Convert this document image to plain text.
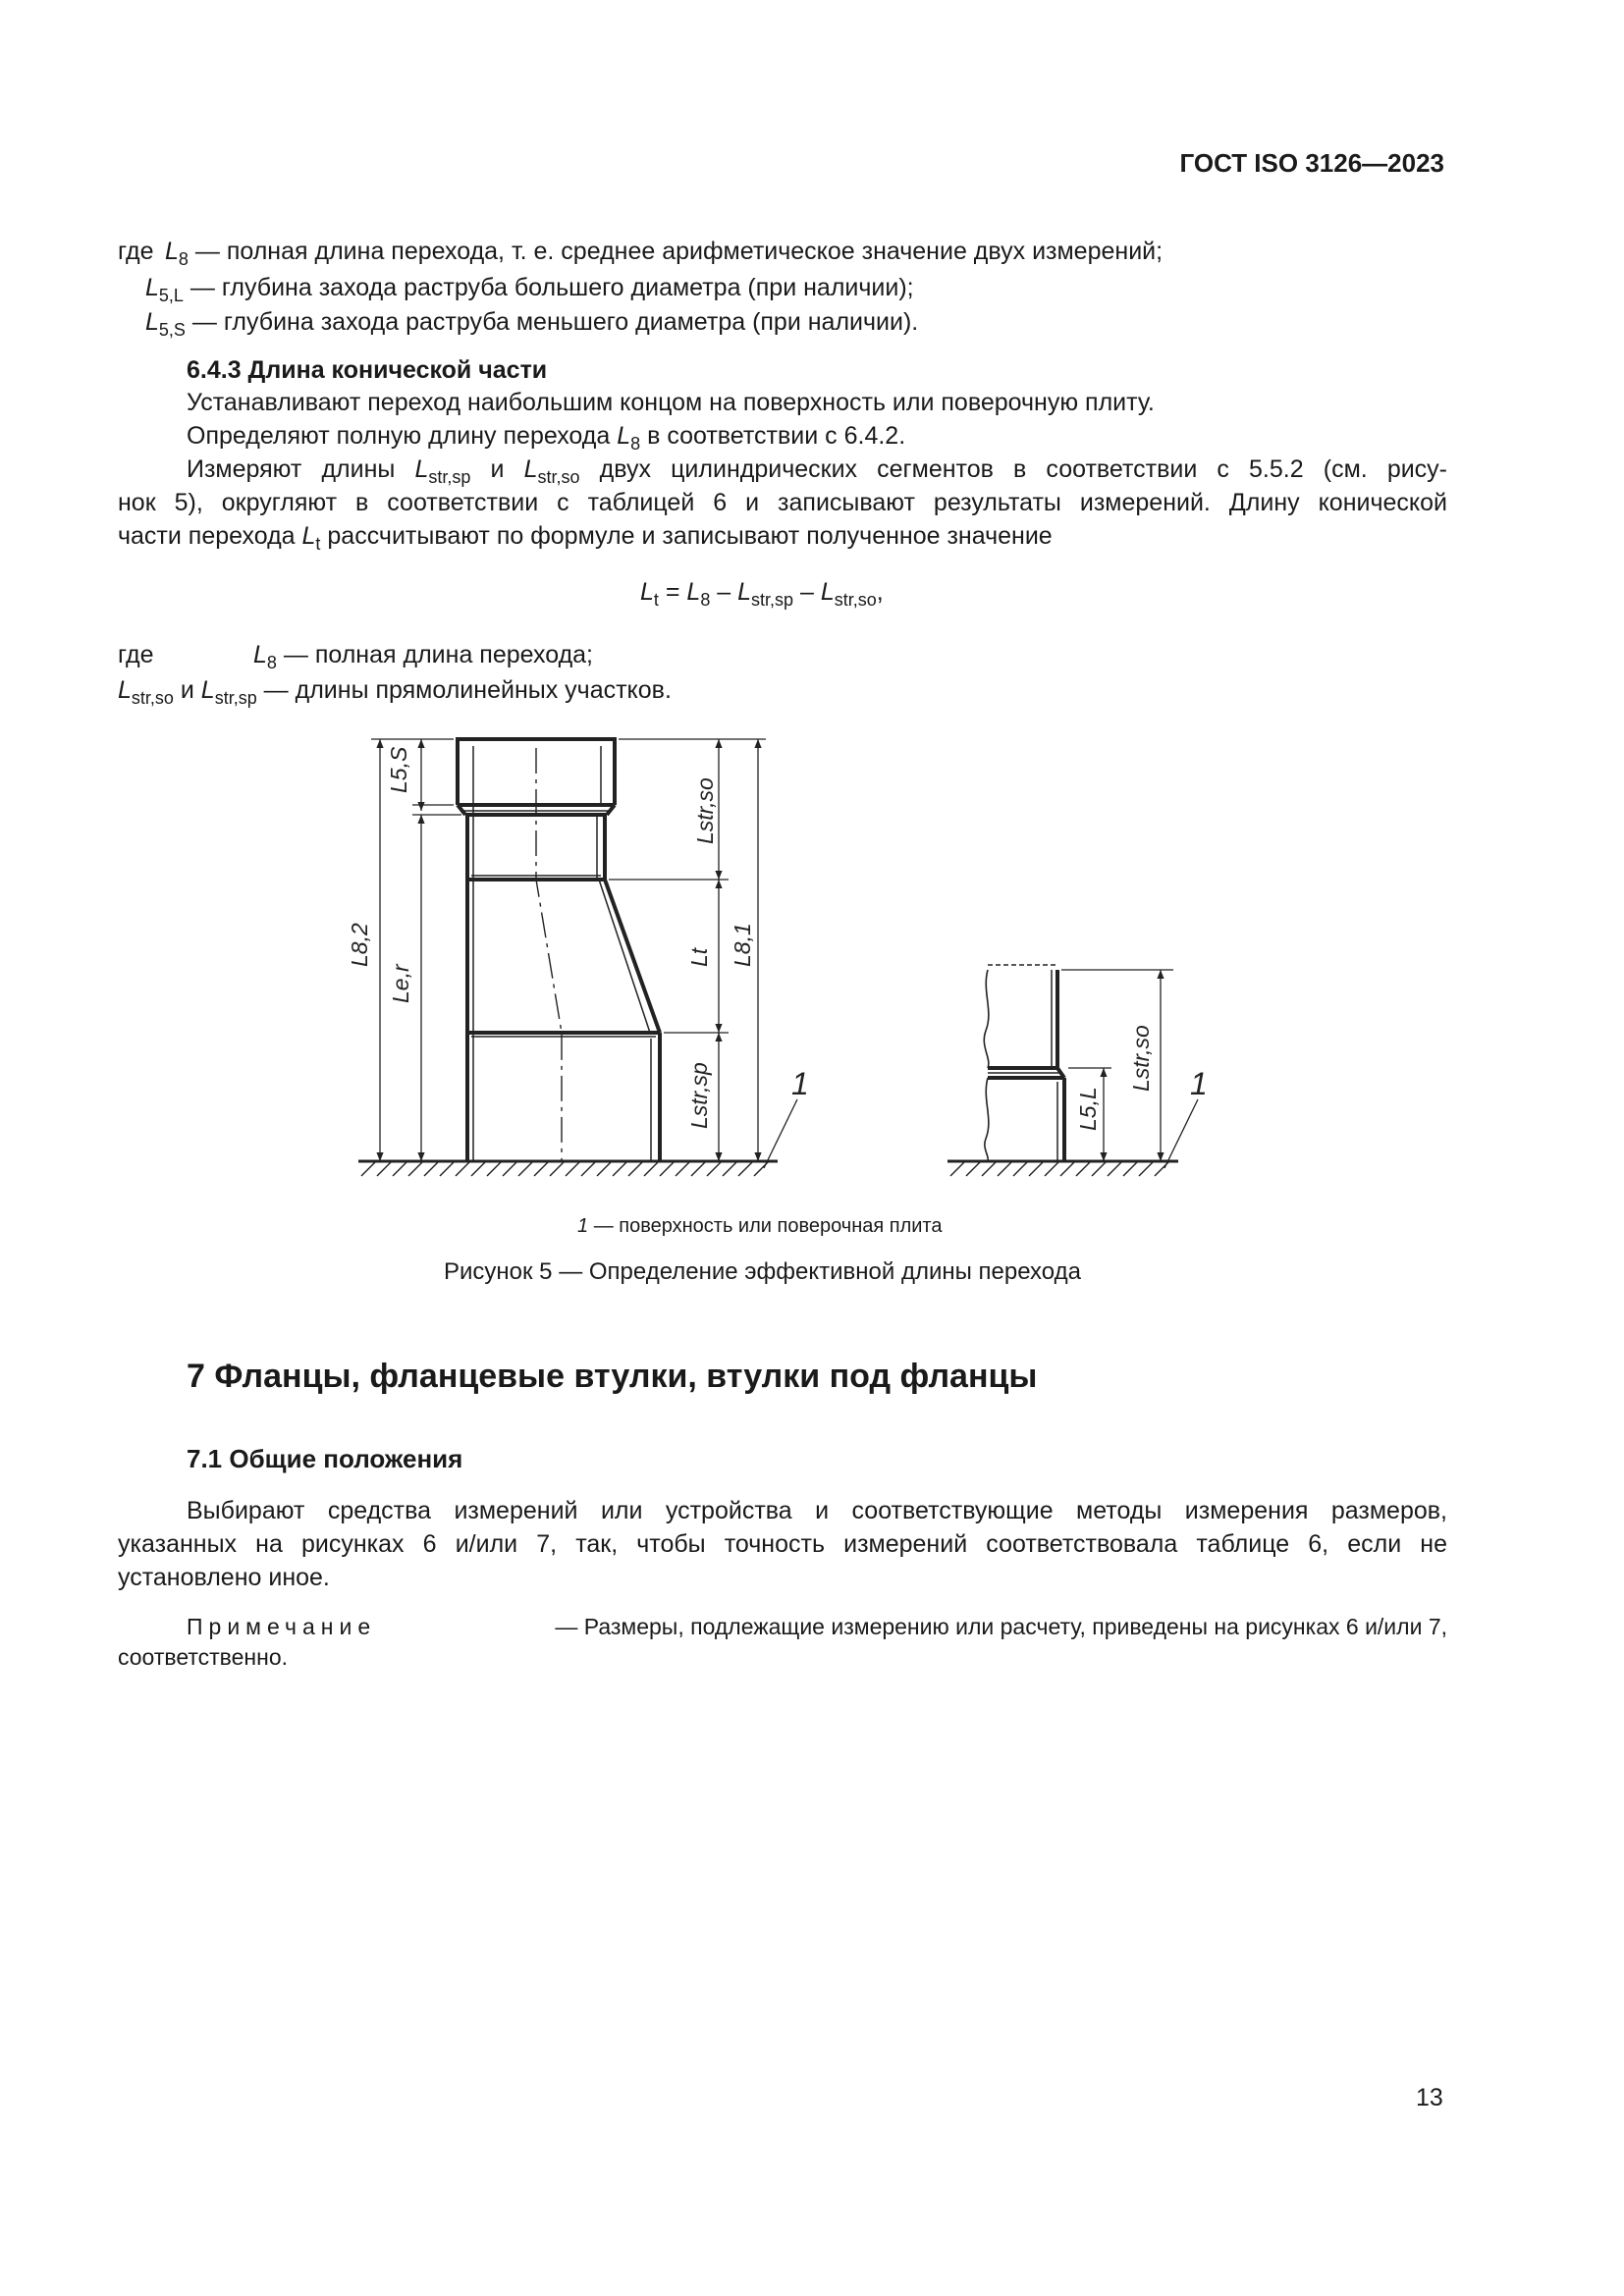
ГОСТ ISO 3126—2023
где $L_8$ — полная длина перехода, т. е. среднее арифметическое значение двух измерений;
$L_{5,L}$ — глубина захода раструба большего диаметра (при наличии);
$L_{5,S}$ — глубина захода раструба меньшего диаметра (при наличии).
6.4.3 Длина конической части
Устанавливают переход наибольшим концом на поверхность или поверочную плиту.
Определяют полную длину перехода $L_8$ в соответствии с 6.4.2.
Измеряют длины $L_{str,sp}$ и $L_{str,so}$ двух цилиндрических сегментов в соответствии с 5.5.2 (см. рису-
нок 5), округляют в соответствии с таблицей 6 и записывают результаты измерений. Длину конической
части перехода $L_t$ рассчитывают по формуле и записывают полученное значение
$L_t = L_8 - L_{str,sp} - L_{str,so}$,
где	$L_8$ — полная длина перехода;
$L_{str,so}$ и $L_{str,sp}$ — длины прямолинейных участков.
L5,S
Lstr,so
L8,2
Le,r
Lt L8,1
Lstr,sp	L5,L
Lstr,so
1	1
1 — поверхность или поверочная плита
Рисунок 5 — Определение эффективной длины перехода
7 Фланцы, фланцевые втулки, втулки под фланцы
7.1 Общие положения
Выбирают средства измерений или устройства и соответствующие методы измерения размеров,
указанных на рисунках 6 и/или 7, так, чтобы точность измерений соответствовала таблице 6, если не
установлено иное.
Примечание	— Размеры, подлежащие измерению или расчету, приведены на рисунках 6 и/или 7,
соответственно.
13
